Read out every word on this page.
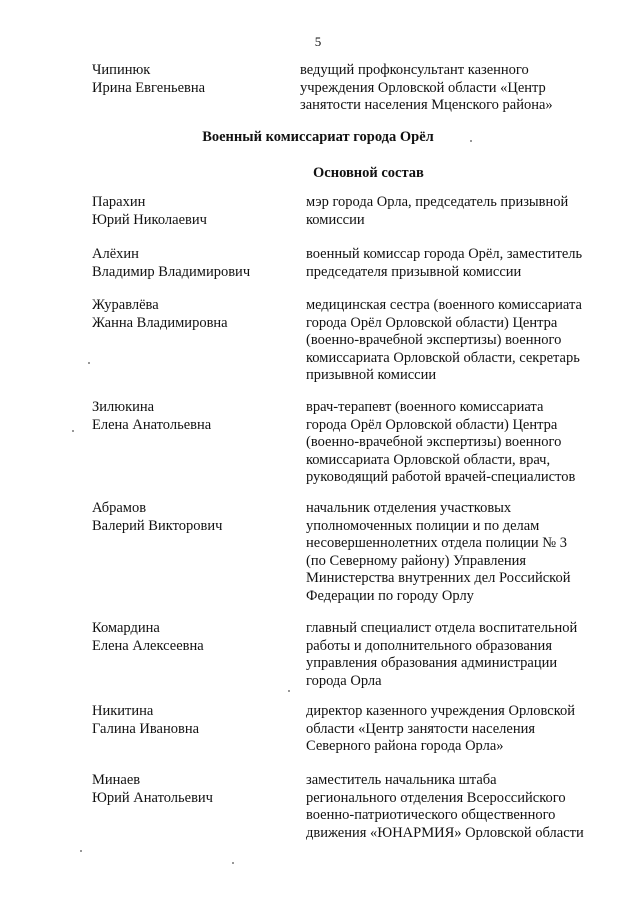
5
Чипинюк
Ирина Евгеньевна
ведущий профконсультант казенного
учреждения Орловской области «Центр
занятости населения Мценского района»
Военный комиссариат города Орёл
Основной состав
Парахин
Юрий Николаевич
мэр города Орла, председатель призывной
комиссии
Алёхин
Владимир Владимирович
военный комиссар города Орёл, заместитель
председателя призывной комиссии
Журавлёва
Жанна Владимировна
медицинская сестра (военного комиссариата
города Орёл Орловской области) Центра
(военно-врачебной экспертизы) военного
комиссариата Орловской области, секретарь
призывной комиссии
Зилюкина
Елена Анатольевна
врач-терапевт (военного комиссариата
города Орёл Орловской области) Центра
(военно-врачебной экспертизы) военного
комиссариата Орловской области, врач,
руководящий работой врачей-специалистов
Абрамов
Валерий Викторович
начальник отделения участковых
уполномоченных полиции и по делам
несовершеннолетних отдела полиции № 3
(по Северному району) Управления
Министерства внутренних дел Российской
Федерации по городу Орлу
Комардина
Елена Алексеевна
главный специалист отдела воспитательной
работы и дополнительного образования
управления образования администрации
города Орла
Никитина
Галина Ивановна
директор казенного учреждения Орловской
области «Центр занятости населения
Северного района города Орла»
Минаев
Юрий Анатольевич
заместитель начальника штаба
регионального отделения Всероссийского
военно-патриотического общественного
движения «ЮНАРМИЯ» Орловской области
